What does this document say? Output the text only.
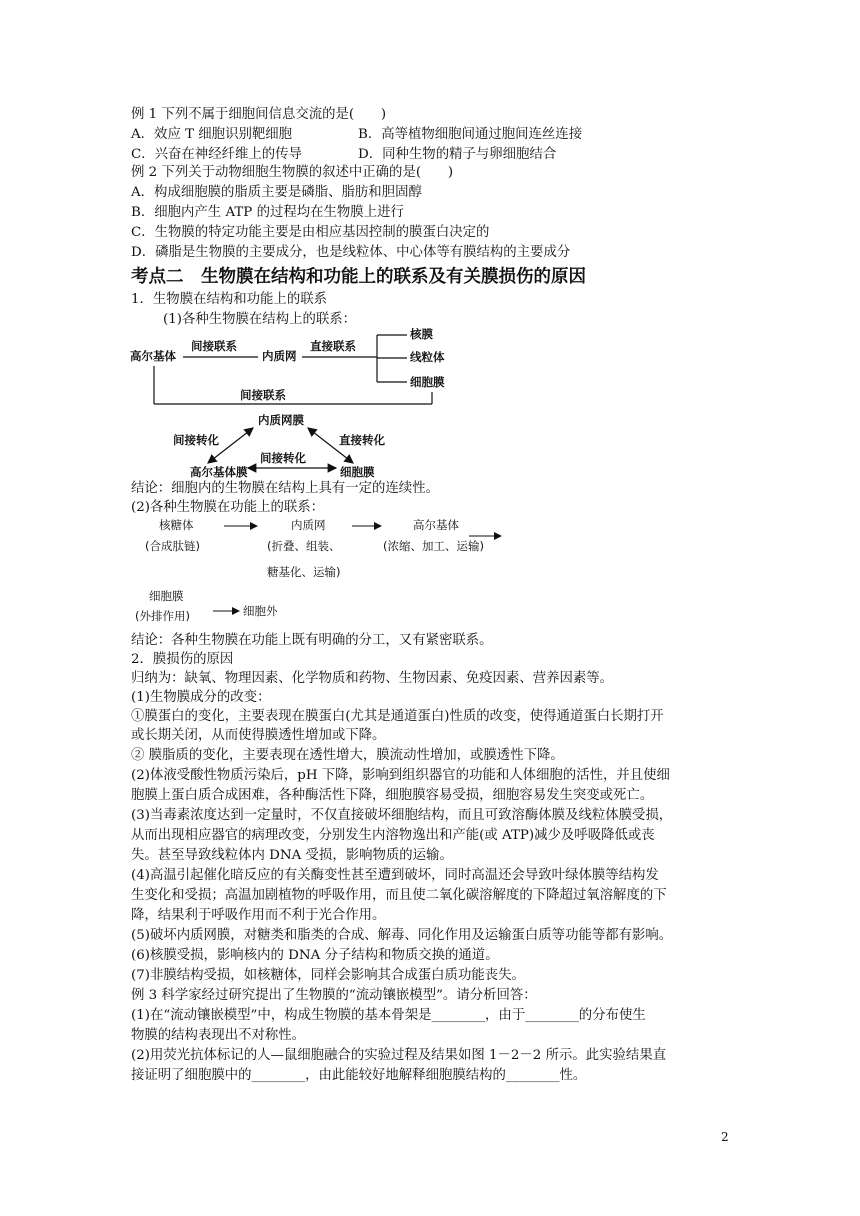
例 1 下列不属于细胞间信息交流的是(　　)
A．效应 T 细胞识别靶细胞	B．高等植物细胞间通过胞间连丝连接
C．兴奋在神经纤维上的传导	D．同种生物的精子与卵细胞结合
例 2 下列关于动物细胞生物膜的叙述中正确的是(　　)
A．构成细胞膜的脂质主要是磷脂、脂肪和胆固醇
B．细胞内产生 ATP 的过程均在生物膜上进行
C．生物膜的特定功能主要是由相应基因控制的膜蛋白决定的
D．磷脂是生物膜的主要成分，也是线粒体、中心体等有膜结构的主要成分
考点二　生物膜在结构和功能上的联系及有关膜损伤的原因
1．生物膜在结构和功能上的联系
(1)各种生物膜在结构上的联系：
高尔基体
间接联系
内质网
直接联系
核膜
线粒体
细胞膜
间接联系
内质网膜
间接转化	直接转化
间接转化
高尔基体膜	细胞膜
结论：细胞内的生物膜在结构上具有一定的连续性。
(2)各种生物膜在功能上的联系：
核糖体
(合成肽链)
内质网
(折叠、组装、
糖基化、运输)
高尔基体
(浓缩、加工、运输)
细胞膜
(外排作用)	细胞外
结论：各种生物膜在功能上既有明确的分工，又有紧密联系。
2．膜损伤的原因
归纳为：缺氧、物理因素、化学物质和药物、生物因素、免疫因素、营养因素等。
(1)生物膜成分的改变：
①膜蛋白的变化，主要表现在膜蛋白(尤其是通道蛋白)性质的改变，使得通道蛋白长期打开
或长期关闭，从而使得膜透性增加或下降。
② 膜脂质的变化，主要表现在透性增大，膜流动性增加，或膜透性下降。
(2)体液受酸性物质污染后，pH 下降，影响到组织器官的功能和人体细胞的活性，并且使细
胞膜上蛋白质合成困难，各种酶活性下降，细胞膜容易受损，细胞容易发生突变或死亡。
(3)当毒素浓度达到一定量时，不仅直接破坏细胞结构，而且可致溶酶体膜及线粒体膜受损，
从而出现相应器官的病理改变，分别发生内溶物逸出和产能(或 ATP)减少及呼吸降低或丧
失。甚至导致线粒体内 DNA 受损，影响物质的运输。
(4)高温引起催化暗反应的有关酶变性甚至遭到破坏，同时高温还会导致叶绿体膜等结构发
生变化和受损；高温加剧植物的呼吸作用，而且使二氧化碳溶解度的下降超过氧溶解度的下
降，结果利于呼吸作用而不利于光合作用。
(5)破坏内质网膜，对糖类和脂类的合成、解毒、同化作用及运输蛋白质等功能等都有影响。
(6)核膜受损，影响核内的 DNA 分子结构和物质交换的通道。
(7)非膜结构受损，如核糖体，同样会影响其合成蛋白质功能丧失。
例 3 科学家经过研究提出了生物膜的“流动镶嵌模型”。请分析回答：
(1)在“流动镶嵌模型”中，构成生物膜的基本骨架是________，由于________的分布使生
物膜的结构表现出不对称性。
(2)用荧光抗体标记的人—鼠细胞融合的实验过程及结果如图 1－2－2 所示。此实验结果直
接证明了细胞膜中的________，由此能较好地解释细胞膜结构的________性。
2
